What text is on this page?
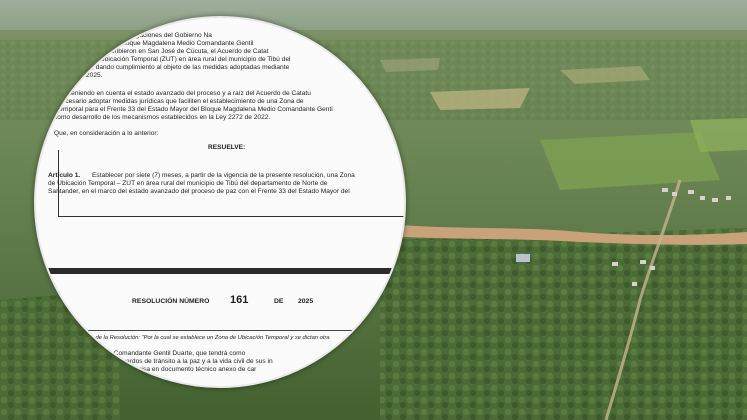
ngaciones del Gobierno Na
Bloque Magdalena Medio Comandante Gentil
scribieron en San José de Cúcuta, el Acuerdo de Catat
Ubicación Temporal (ZUT) en área rural del municipio de Tibú del
, dando cumplimiento al objeto de las medidas adoptadas mediante
2025.
e, teniendo en cuenta el estado avanzado del proceso y a raíz del Acuerdo de Catatu
necesario adoptar medidas jurídicas que faciliten el establecimiento de una Zona de
Temporal para el Frente 33 del Estado Mayor del Bloque Magdalena Medio Comandante Genti
como desarrollo de los mecanismos establecidos en la Ley 2272 de 2022.
Que, en consideración a lo anterior:
RESUELVE:
Artículo 1. Establecer por siete (7) meses, a partir de la vigencia de la presente resolución, una Zona
de Ubicación Temporal – ZUT en área rural del municipio de Tibú del departamento de Norte de
Santander, en el marco del estado avanzado del proceso de paz con el Frente 33 del Estado Mayor del
RESOLUCIÓN NÚMERO 161	DE 2025
Continuación de la Resolución: "Por la cual se establece un Zona de Ubicación Temporal y se dictan otra
alena Medio Comandante Gentil Duarte, que tendrá como
de los acuerdos de tránsito a la paz y a la vida civil de sus in
se precisa en documento técnico anexo de car
